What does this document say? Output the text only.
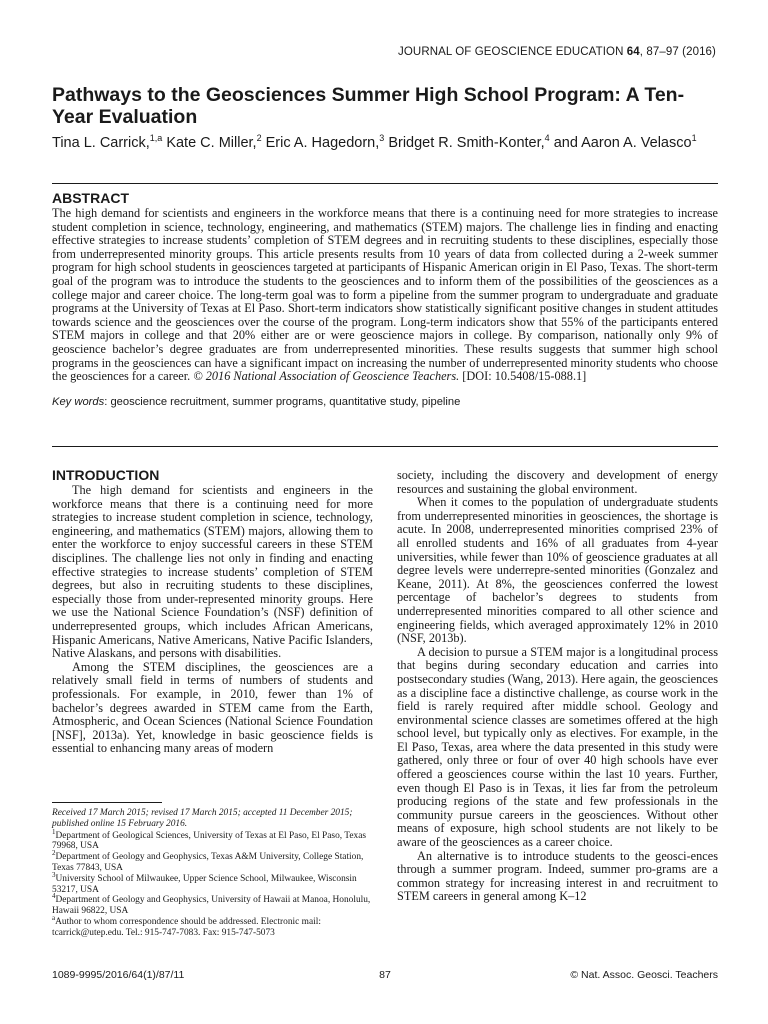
JOURNAL OF GEOSCIENCE EDUCATION 64, 87–97 (2016)
Pathways to the Geosciences Summer High School Program: A Ten-Year Evaluation
Tina L. Carrick,$^{1,a}$ Kate C. Miller,$^2$ Eric A. Hagedorn,$^3$ Bridget R. Smith-Konter,$^4$ and Aaron A. Velasco$^1$
ABSTRACT

The high demand for scientists and engineers in the workforce means that there is a continuing need for more strategies to increase student completion in science, technology, engineering, and mathematics (STEM) majors. The challenge lies in finding and enacting effective strategies to increase students’ completion of STEM degrees and in recruiting students to these disciplines, especially those from underrepresented minority groups. This article presents results from 10 years of data from collected during a 2-week summer program for high school students in geosciences targeted at participants of Hispanic American origin in El Paso, Texas. The short-term goal of the program was to introduce the students to the geosciences and to inform them of the possibilities of the geosciences as a college major and career choice. The long-term goal was to form a pipeline from the summer program to undergraduate and graduate programs at the University of Texas at El Paso. Short-term indicators show statistically significant positive changes in student attitudes towards science and the geosciences over the course of the program. Long-term indicators show that 55% of the participants entered STEM majors in college and that 20% either are or were geoscience majors in college. By comparison, nationally only 9% of geoscience bachelor’s degree graduates are from underrepresented minorities. These results suggests that summer high school programs in the geosciences can have a significant impact on increasing the number of underrepresented minority students who choose the geosciences for a career. © 2016 National Association of Geoscience Teachers. [DOI: 10.5408/15-088.1]

Key words: geoscience recruitment, summer programs, quantitative study, pipeline
INTRODUCTION

The high demand for scientists and engineers in the workforce means that there is a continuing need for more strategies to increase student completion in science, technology, engineering, and mathematics (STEM) majors, allowing them to enter the workforce to enjoy successful careers in these STEM disciplines. The challenge lies not only in finding and enacting effective strategies to increase students’ completion of STEM degrees, but also in recruiting students to these disciplines, especially those from under-represented minority groups. Here we use the National Science Foundation’s (NSF) definition of underrepresented groups, which includes African Americans, Hispanic Americans, Native Americans, Native Pacific Islanders, Native Alaskans, and persons with disabilities.

Among the STEM disciplines, the geosciences are a relatively small field in terms of numbers of students and professionals. For example, in 2010, fewer than 1% of bachelor’s degrees awarded in STEM came from the Earth, Atmospheric, and Ocean Sciences (National Science Foundation [NSF], 2013a). Yet, knowledge in basic geoscience fields is essential to enhancing many areas of modern

society, including the discovery and development of energy resources and sustaining the global environment.

When it comes to the population of undergraduate students from underrepresented minorities in geosciences, the shortage is acute. In 2008, underrepresented minorities comprised 23% of all enrolled students and 16% of all graduates from 4-year universities, while fewer than 10% of geoscience graduates at all degree levels were underrepre-sented minorities (Gonzalez and Keane, 2011). At 8%, the geosciences conferred the lowest percentage of bachelor’s degrees to students from underrepresented minorities compared to all other science and engineering fields, which averaged approximately 12% in 2010 (NSF, 2013b).

A decision to pursue a STEM major is a longitudinal process that begins during secondary education and carries into postsecondary studies (Wang, 2013). Here again, the geosciences as a discipline face a distinctive challenge, as course work in the field is rarely required after middle school. Geology and environmental science classes are sometimes offered at the high school level, but typically only as electives. For example, in the El Paso, Texas, area where the data presented in this study were gathered, only three or four of over 40 high schools have ever offered a geosciences course within the last 10 years. Further, even though El Paso is in Texas, it lies far from the petroleum producing regions of the state and few professionals in the community pursue careers in the geosciences. Without other means of exposure, high school students are not likely to be aware of the geosciences as a career choice.

An alternative is to introduce students to the geosci-ences through a summer program. Indeed, summer pro-grams are a common strategy for increasing interest in and recruitment to STEM careers in general among K–12

Received 17 March 2015; revised 17 March 2015; accepted 11 December 2015; published online 15 February 2016.

$^1$Department of Geological Sciences, University of Texas at El Paso, El Paso, Texas 79968, USA

$^2$Department of Geology and Geophysics, Texas A&M University, College Station, Texas 77843, USA

$^3$University School of Milwaukee, Upper Science School, Milwaukee, Wisconsin 53217, USA

$^4$Department of Geology and Geophysics, University of Hawaii at Manoa, Honolulu, Hawaii 96822, USA

$^a$Author to whom correspondence should be addressed. Electronic mail: tcarrick@utep.edu. Tel.: 915-747-7083. Fax: 915-747-5073

87
1089-9995/2016/64(1)/87/11	© Nat. Assoc. Geosci. Teachers
